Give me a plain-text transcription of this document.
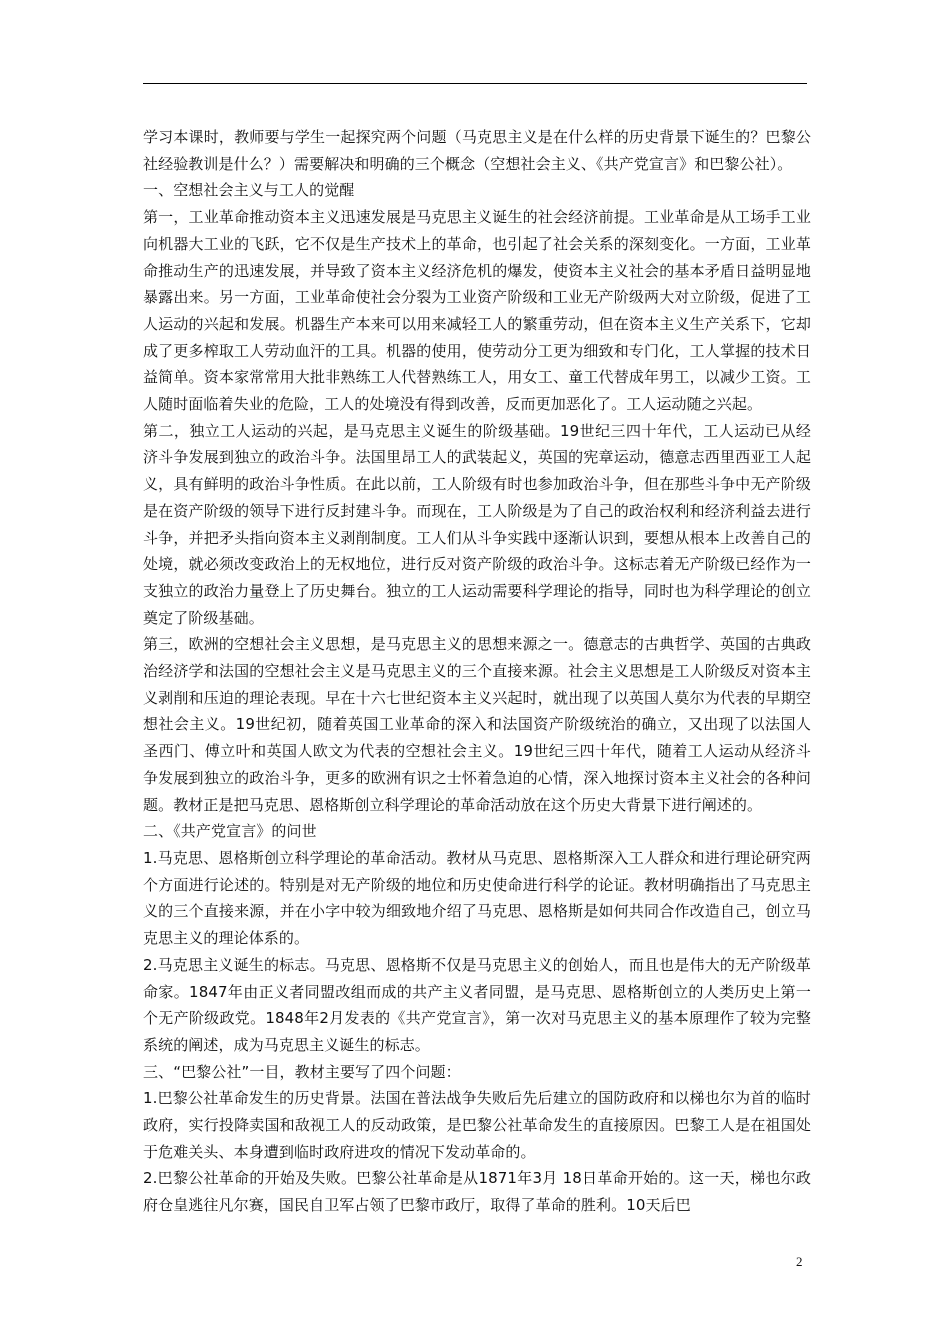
学习本课时，教师要与学生一起探究两个问题（马克思主义是在什么样的历史背景下诞生的？巴黎公社经验教训是什么？）需要解决和明确的三个概念（空想社会主义、《共产党宣言》和巴黎公社）。

一、空想社会主义与工人的觉醒

第一，工业革命推动资本主义迅速发展是马克思主义诞生的社会经济前提。工业革命是从工场手工业向机器大工业的飞跃，它不仅是生产技术上的革命，也引起了社会关系的深刻变化。一方面，工业革命推动生产的迅速发展，并导致了资本主义经济危机的爆发，使资本主义社会的基本矛盾日益明显地暴露出来。另一方面，工业革命使社会分裂为工业资产阶级和工业无产阶级两大对立阶级，促进了工人运动的兴起和发展。机器生产本来可以用来减轻工人的繁重劳动，但在资本主义生产关系下，它却成了更多榨取工人劳动血汗的工具。机器的使用，使劳动分工更为细致和专门化，工人掌握的技术日益简单。资本家常常用大批非熟练工人代替熟练工人，用女工、童工代替成年男工，以减少工资。工人随时面临着失业的危险，工人的处境没有得到改善，反而更加恶化了。工人运动随之兴起。

第二，独立工人运动的兴起，是马克思主义诞生的阶级基础。19世纪三四十年代，工人运动已从经济斗争发展到独立的政治斗争。法国里昂工人的武装起义，英国的宪章运动，德意志西里西亚工人起义，具有鲜明的政治斗争性质。在此以前，工人阶级有时也参加政治斗争，但在那些斗争中无产阶级是在资产阶级的领导下进行反封建斗争。而现在，工人阶级是为了自己的政治权利和经济利益去进行斗争，并把矛头指向资本主义剥削制度。工人们从斗争实践中逐渐认识到，要想从根本上改善自己的处境，就必须改变政治上的无权地位，进行反对资产阶级的政治斗争。这标志着无产阶级已经作为一支独立的政治力量登上了历史舞台。独立的工人运动需要科学理论的指导，同时也为科学理论的创立奠定了阶级基础。

第三，欧洲的空想社会主义思想，是马克思主义的思想来源之一。德意志的古典哲学、英国的古典政治经济学和法国的空想社会主义是马克思主义的三个直接来源。社会主义思想是工人阶级反对资本主义剥削和压迫的理论表现。早在十六七世纪资本主义兴起时，就出现了以英国人莫尔为代表的早期空想社会主义。19世纪初，随着英国工业革命的深入和法国资产阶级统治的确立，又出现了以法国人圣西门、傅立叶和英国人欧文为代表的空想社会主义。19世纪三四十年代，随着工人运动从经济斗争发展到独立的政治斗争，更多的欧洲有识之士怀着急迫的心情，深入地探讨资本主义社会的各种问题。教材正是把马克思、恩格斯创立科学理论的革命活动放在这个历史大背景下进行阐述的。

二、《共产党宣言》的问世

1.马克思、恩格斯创立科学理论的革命活动。教材从马克思、恩格斯深入工人群众和进行理论研究两个方面进行论述的。特别是对无产阶级的地位和历史使命进行科学的论证。教材明确指出了马克思主义的三个直接来源，并在小字中较为细致地介绍了马克思、恩格斯是如何共同合作改造自己，创立马克思主义的理论体系的。

2.马克思主义诞生的标志。马克思、恩格斯不仅是马克思主义的创始人，而且也是伟大的无产阶级革命家。1847年由正义者同盟改组而成的共产主义者同盟，是马克思、恩格斯创立的人类历史上第一个无产阶级政党。1848年2月发表的《共产党宣言》，第一次对马克思主义的基本原理作了较为完整系统的阐述，成为马克思主义诞生的标志。

三、“巴黎公社”一目，教材主要写了四个问题：

1.巴黎公社革命发生的历史背景。法国在普法战争失败后先后建立的国防政府和以梯也尔为首的临时政府，实行投降卖国和敌视工人的反动政策，是巴黎公社革命发生的直接原因。巴黎工人是在祖国处于危难关头、本身遭到临时政府进攻的情况下发动革命的。

2.巴黎公社革命的开始及失败。巴黎公社革命是从1871年3月 18日革命开始的。这一天，梯也尔政府仓皇逃往凡尔赛，国民自卫军占领了巴黎市政厅，取得了革命的胜利。10天后巴

2
